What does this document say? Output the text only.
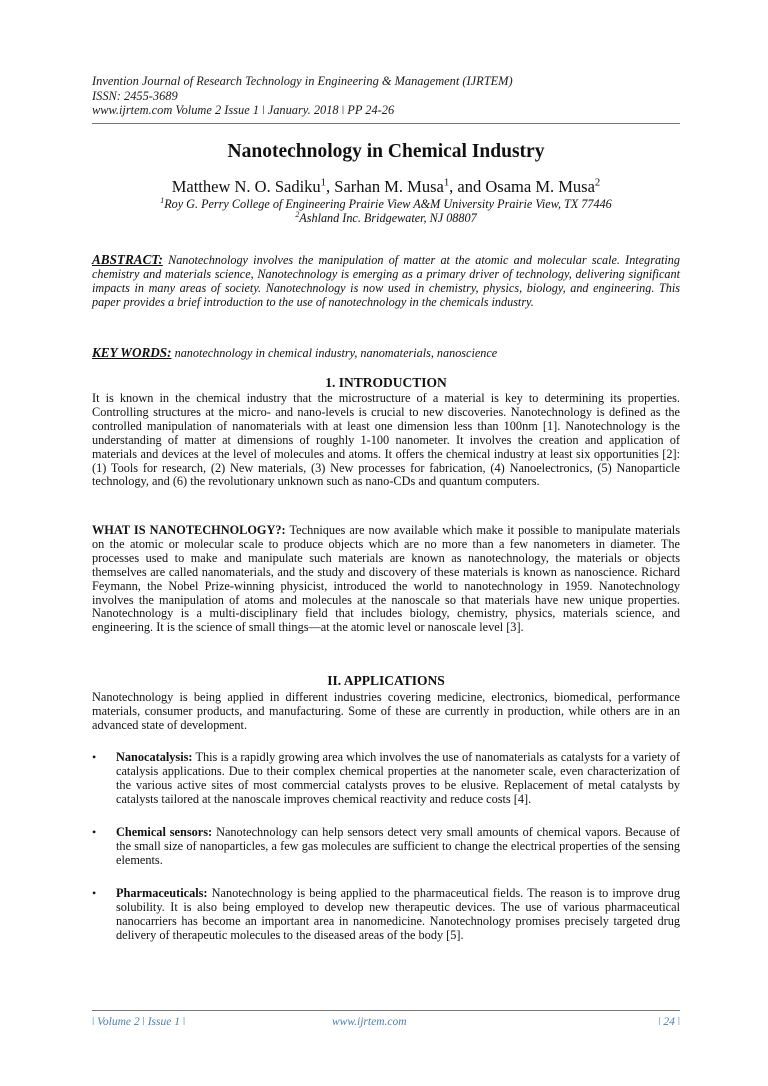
Invention Journal of Research Technology in Engineering & Management (IJRTEM)
ISSN: 2455-3689
www.ijrtem.com Volume 2 Issue 1 ǀ January. 2018 ǀ PP 24-26
Nanotechnology in Chemical Industry
Matthew N. O. Sadiku$^1$, Sarhan M. Musa$^1$, and Osama M. Musa$^2$
$^1$Roy G. Perry College of Engineering Prairie View A&M University Prairie View, TX 77446
$^2$Ashland Inc. Bridgewater, NJ 08807
ABSTRACT: Nanotechnology involves the manipulation of matter at the atomic and molecular scale. Integrating chemistry and materials science, Nanotechnology is emerging as a primary driver of technology, delivering significant impacts in many areas of society. Nanotechnology is now used in chemistry, physics, biology, and engineering. This paper provides a brief introduction to the use of nanotechnology in the chemicals industry.
KEY WORDS: nanotechnology in chemical industry, nanomaterials, nanoscience
1. INTRODUCTION
It is known in the chemical industry that the microstructure of a material is key to determining its properties. Controlling structures at the micro- and nano-levels is crucial to new discoveries. Nanotechnology is defined as the controlled manipulation of nanomaterials with at least one dimension less than 100nm [1]. Nanotechnology is the understanding of matter at dimensions of roughly 1-100 nanometer. It involves the creation and application of materials and devices at the level of molecules and atoms. It offers the chemical industry at least six opportunities [2]: (1) Tools for research, (2) New materials, (3) New processes for fabrication, (4) Nanoelectronics, (5) Nanoparticle technology, and (6) the revolutionary unknown such as nano-CDs and quantum computers.
WHAT IS NANOTECHNOLOGY?: Techniques are now available which make it possible to manipulate materials on the atomic or molecular scale to produce objects which are no more than a few nanometers in diameter. The processes used to make and manipulate such materials are known as nanotechnology, the materials or objects themselves are called nanomaterials, and the study and discovery of these materials is known as nanoscience. Richard Feymann, the Nobel Prize-winning physicist, introduced the world to nanotechnology in 1959. Nanotechnology involves the manipulation of atoms and molecules at the nanoscale so that materials have new unique properties. Nanotechnology is a multi-disciplinary field that includes biology, chemistry, physics, materials science, and engineering. It is the science of small things—at the atomic level or nanoscale level [3].
II. APPLICATIONS
Nanotechnology is being applied in different industries covering medicine, electronics, biomedical, performance materials, consumer products, and manufacturing. Some of these are currently in production, while others are in an advanced state of development.
•	Nanocatalysis: This is a rapidly growing area which involves the use of nanomaterials as catalysts for a variety of catalysis applications. Due to their complex chemical properties at the nanometer scale, even characterization of the various active sites of most commercial catalysts proves to be elusive. Replacement of metal catalysts by catalysts tailored at the nanoscale improves chemical reactivity and reduce costs [4].
•	Chemical sensors: Nanotechnology can help sensors detect very small amounts of chemical vapors. Because of the small size of nanoparticles, a few gas molecules are sufficient to change the electrical properties of the sensing elements.
•	Pharmaceuticals: Nanotechnology is being applied to the pharmaceutical fields. The reason is to improve drug solubility. It is also being employed to develop new therapeutic devices. The use of various pharmaceutical nanocarriers has become an important area in nanomedicine. Nanotechnology promises precisely targeted drug delivery of therapeutic molecules to the diseased areas of the body [5].
ǀ Volume 2 ǀ Issue 1 ǀ	www.ijrtem.com	ǀ 24 ǀ
